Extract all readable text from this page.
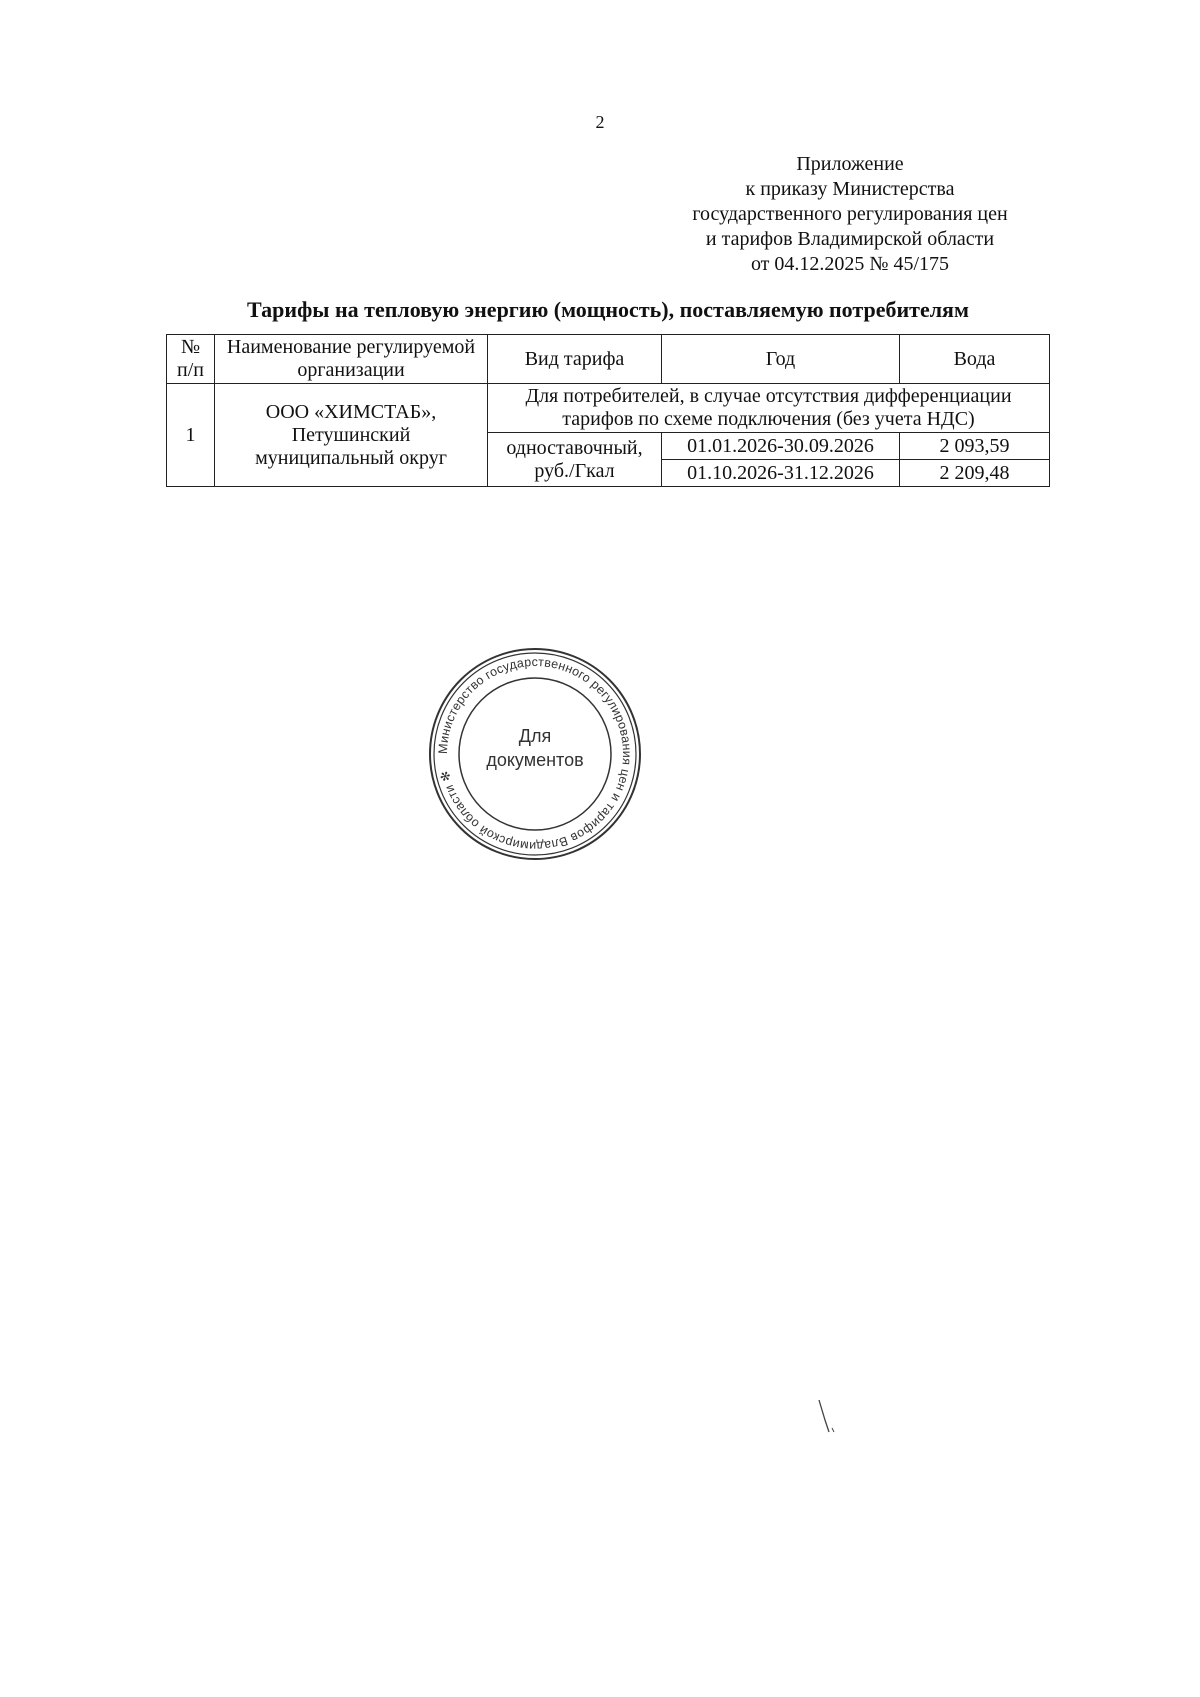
2
Приложение
к приказу Министерства
государственного регулирования цен
и тарифов Владимирской области
от 04.12.2025 № 45/175
Тарифы на тепловую энергию (мощность), поставляемую потребителям
№ п/п	Наименование регулируемой организации	Вид тарифа	Год	Вода
1	ООО «ХИМСТАБ», Петушинский муниципальный округ	Для потребителей, в случае отсутствия дифференциации тарифов по схеме подключения (без учета НДС)		
		одноставочный, руб./Гкал	01.01.2026-30.09.2026	2 093,59
			01.10.2026-31.12.2026	2 209,48
Министерство государственного регулирования цен и тарифов Владимирской области ✻
Для
документов
